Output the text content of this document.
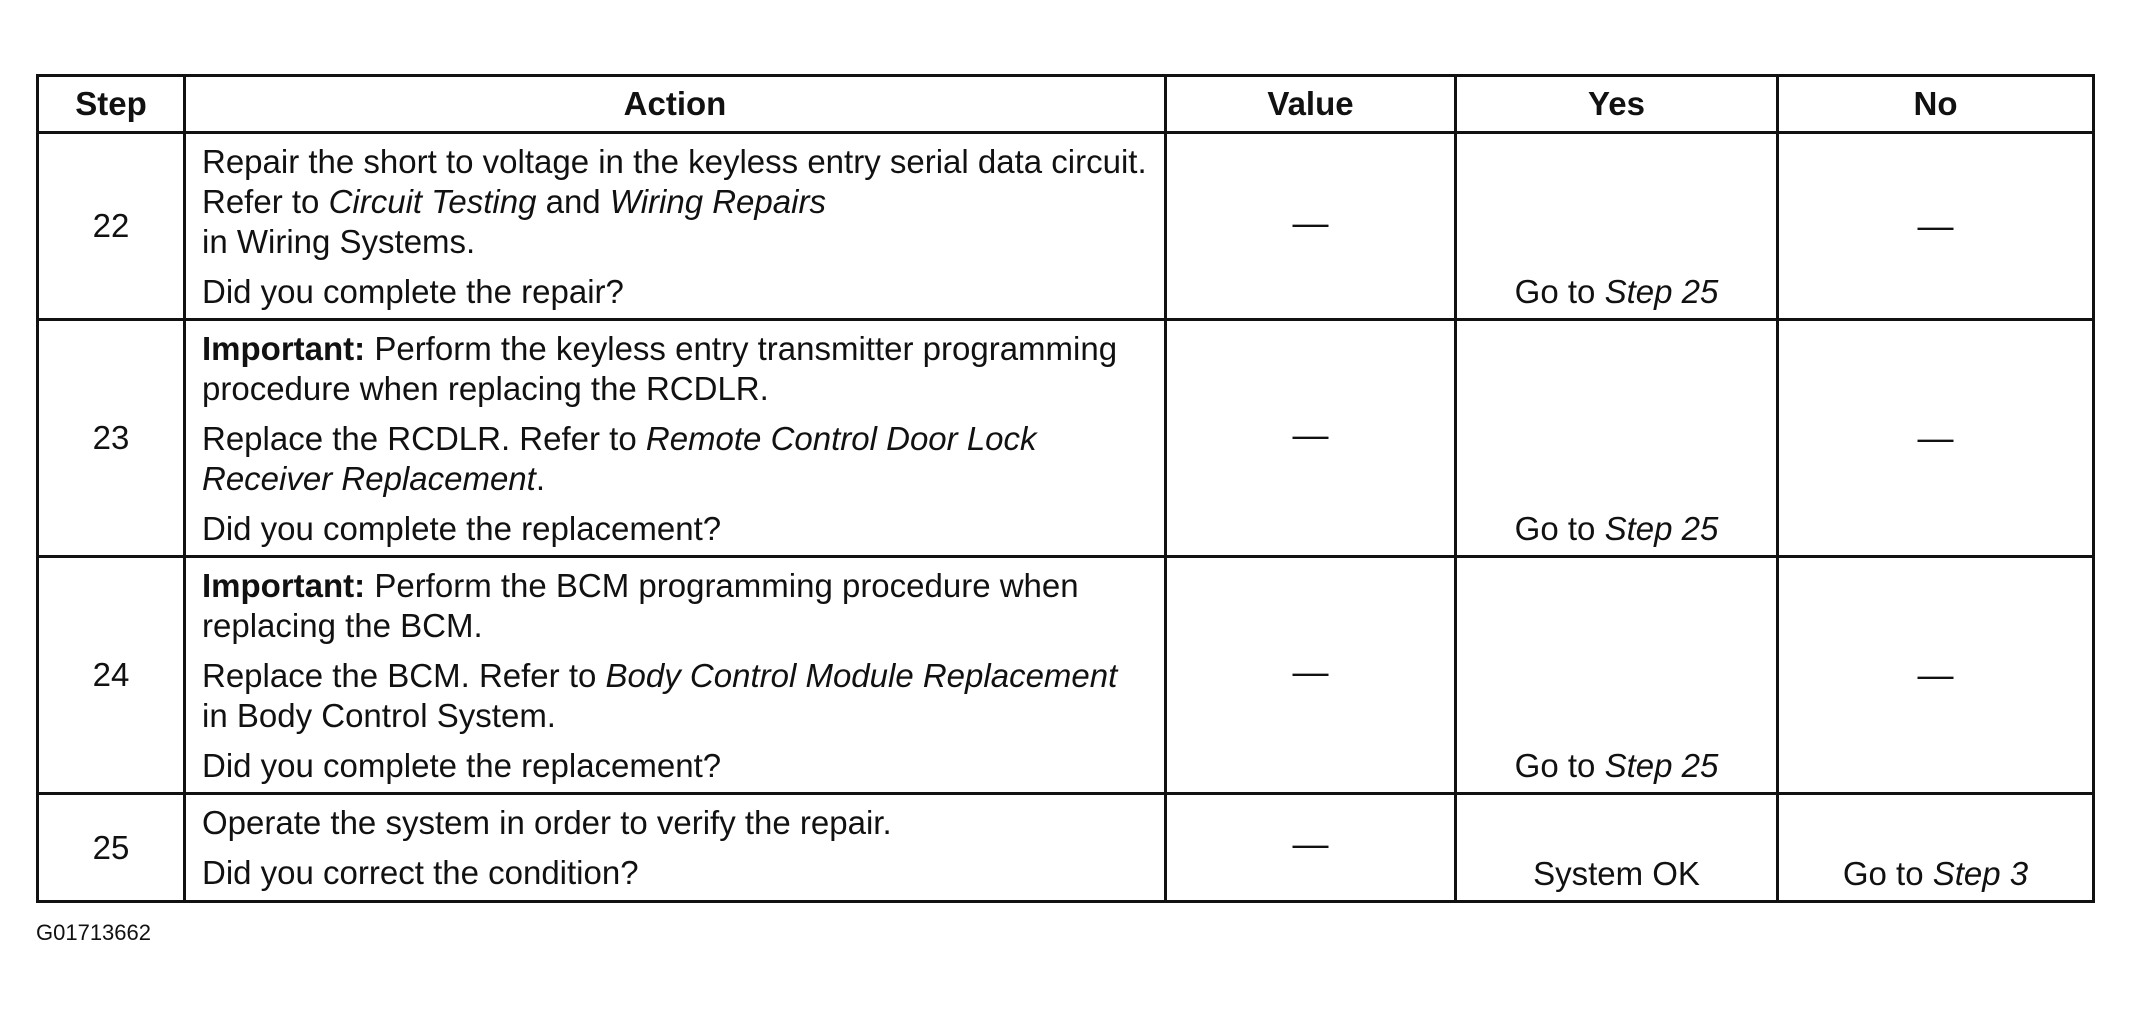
Step	Action	Value	Yes	No
22	Repair the short to voltage in the keyless entry serial data circuit. Refer to Circuit Testing and Wiring Repairs
in Wiring Systems.

Did you complete the repair?	—	Go to Step 25	—
23	Important: Perform the keyless entry transmitter programming procedure when replacing the RCDLR.

Replace the RCDLR. Refer to Remote Control Door Lock Receiver Replacement.

Did you complete the replacement?	—	Go to Step 25	—
24	Important: Perform the BCM programming procedure when replacing the BCM.

Replace the BCM. Refer to Body Control Module Replacement in Body Control System.

Did you complete the replacement?	—	Go to Step 25	—
25	Operate the system in order to verify the repair.

Did you correct the condition?	—	System OK	Go to Step 3
G01713662
